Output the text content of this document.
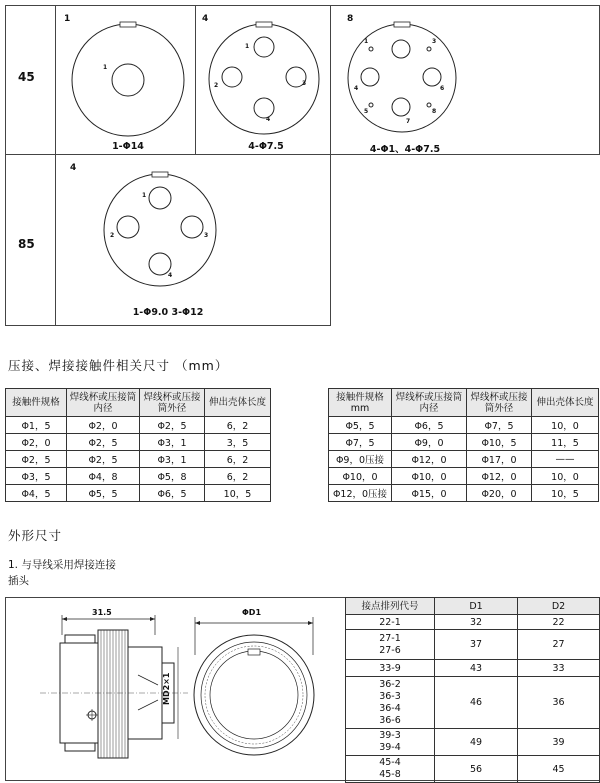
45
85
1
1
1-Φ14
4
1
2	3
4
4-Φ7.5
8
1	3
4	6
5	8
7
4-Φ1、4-Φ7.5
4
1
2	3
4
1-Φ9.0 3-Φ12
压接、焊接接触件相关尺寸 （mm）
接触件规格	焊线杯或压接筒内径	焊线杯或压接筒外径	伸出壳体长度
Φ1，5	Φ2，0	Φ2，5	6，2
Φ2，0	Φ2，5	Φ3，1	3，5
Φ2，5	Φ2，5	Φ3，1	6，2
Φ3，5	Φ4，8	Φ5，8	6，2
Φ4，5	Φ5，5	Φ6，5	10，5
接触件规格mm	焊线杯或压接筒内径	焊线杯或压接筒外径	伸出壳体长度
Φ5，5	Φ6，5	Φ7，5	10，0
Φ7，5	Φ9，0	Φ10，5	11，5
Φ9，0压接	Φ12，0	Φ17，0	——
Φ10，0	Φ10，0	Φ12，0	10，0
Φ12，0压接	Φ15，0	Φ20，0	10，5
外形尺寸
1. 与导线采用焊接连接
插头
31.5
MD2×1
ΦD1
接点排列代号	D1	D2

22-1	32	22

27-1
27-6	37	27

33-9	43	33

36-2
36-3
36-4
36-6	46	36

39-3
39-4	49	39

45-4
45-8	56	45
